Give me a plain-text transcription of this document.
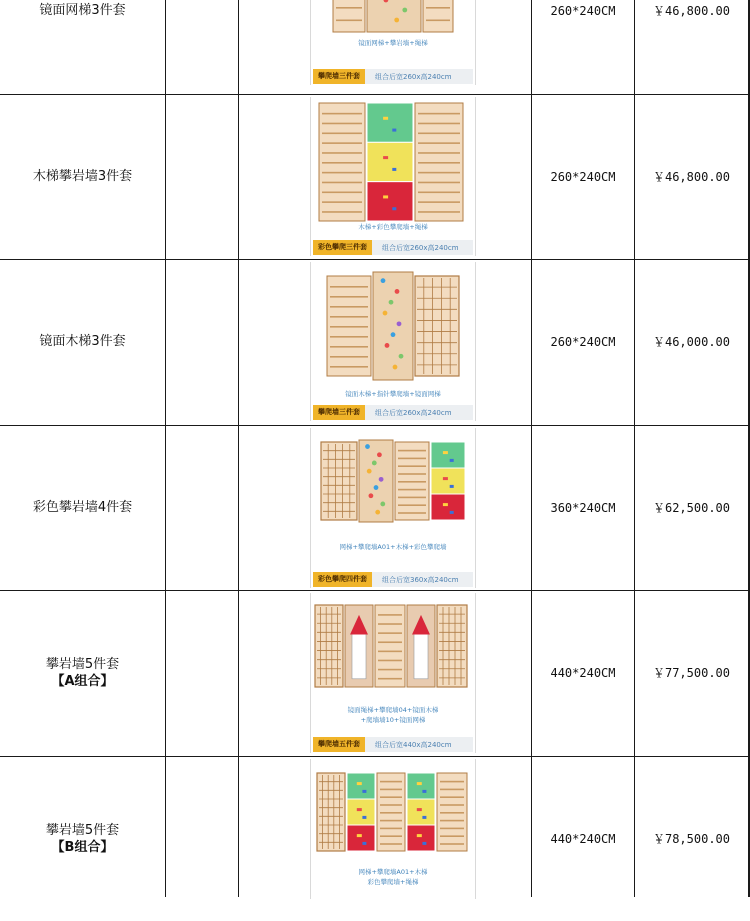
镜面网梯3件套	260*240CM	￥46,800.00
镜面网梯+攀岩墙+绳梯
攀爬墙三件套	组合后宽260x高240cm
木梯攀岩墙3件套	260*240CM	￥46,800.00
木梯+彩色攀爬墙+绳梯
彩色攀爬三件套	组合后宽260x高240cm
镜面木梯3件套	260*240CM	￥46,000.00
镜面木梯+指针攀爬墙+镜面网梯
攀爬墙三件套	组合后宽260x高240cm
彩色攀岩墙4件套	360*240CM	￥62,500.00
网梯+攀爬墙A01+木梯+彩色攀爬墙
彩色攀爬四件套	组合后宽360x高240cm
攀岩墙5件套
【A组合】
440*240CM	￥77,500.00
镜面绳梯+攀爬墙04+镜面木梯
+爬墙墙10+镜面网梯
攀爬墙五件套	组合后宽440x高240cm
攀岩墙5件套
【B组合】
440*240CM	￥78,500.00
网梯+攀爬墙A01+木梯
彩色攀爬墙+绳梯
